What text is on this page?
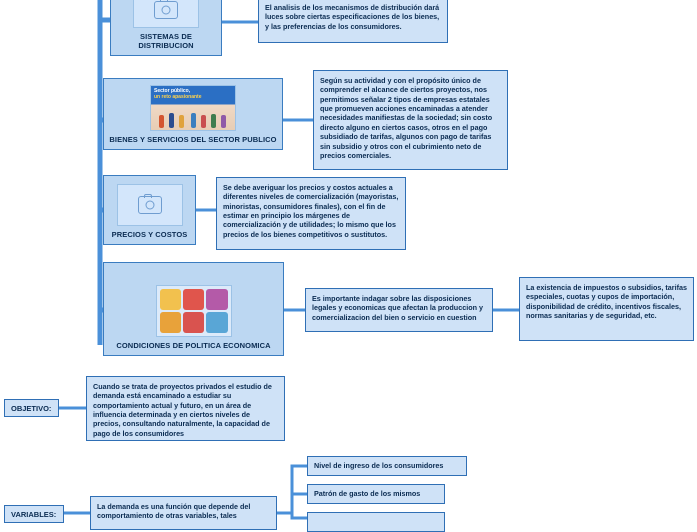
SISTEMAS DE DISTRIBUCION
El analisis de los mecanismos de distribución dará luces sobre ciertas especificaciones de los bienes, y las preferencias de los consumidores.
Sector público,
un reto apasionante
BIENES Y SERVICIOS DEL SECTOR PUBLICO
Según su actividad y con el propósito único de comprender el alcance de ciertos proyectos, nos permitimos señalar 2 tipos de empresas estatales que promueven acciones encaminadas a atender necesidades manifiestas de la sociedad; sin costo directo alguno en ciertos casos, otros en el pago subsidiado de tarifas, algunos con pago de tarifas sin subsidio y otros con el cubrimiento neto de precios comerciales.
PRECIOS Y COSTOS
Se debe averiguar los precios y costos actuales a diferentes niveles de comercialización (mayoristas, minoristas, consumidores finales), con el fin de estimar en principio los márgenes de comercialización y de utilidades; lo mismo que los precios de los bienes competitivos o sustitutos.
CONDICIONES DE POLITICA ECONOMICA
Es importante indagar sobre las disposiciones legales y economicas que afectan la produccion y comercializacion del bien o servicio en cuestion
La existencia de impuestos o subsidios, tarifas especiales, cuotas y cupos de importación, disponibilidad de crédito, incentivos fiscales, normas sanitarias y de seguridad, etc.
OBJETIVO:
Cuando se trata de proyectos privados el estudio de demanda está encaminado a estudiar su comportamiento actual y futuro, en un área de influencia determinada y en ciertos niveles de precios, consultando naturalmente, la capacidad de pago de los consumidores
VARIABLES:
La demanda es una función que depende del comportamiento de otras variables, tales
Nivel de ingreso de los consumidores
Patrón de gasto de los mismos
